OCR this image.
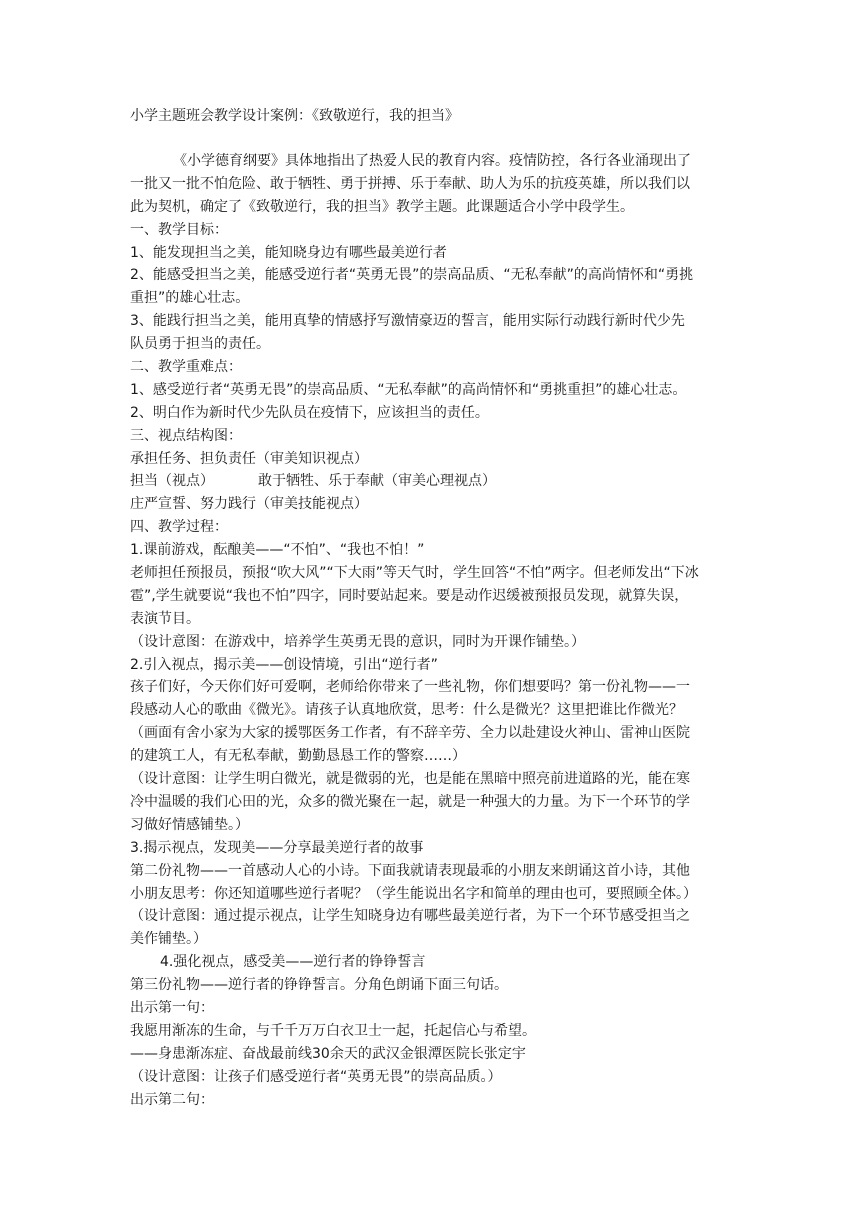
小学主题班会教学设计案例：《致敬逆行，我的担当》
《小学德育纲要》具体地指出了热爱人民的教育内容。疫情防控，各行各业涌现出了
一批又一批不怕危险、敢于牺牲、勇于拼搏、乐于奉献、助人为乐的抗疫英雄，所以我们以
此为契机，确定了《致敬逆行，我的担当》教学主题。此课题适合小学中段学生。
一、教学目标：
1、能发现担当之美，能知晓身边有哪些最美逆行者
2、能感受担当之美，能感受逆行者“英勇无畏”的崇高品质、“无私奉献”的高尚情怀和“勇挑
重担”的雄心壮志。
3、能践行担当之美，能用真挚的情感抒写激情豪迈的誓言，能用实际行动践行新时代少先
队员勇于担当的责任。
二、教学重难点：
1、感受逆行者“英勇无畏”的崇高品质、“无私奉献”的高尚情怀和“勇挑重担”的雄心壮志。
2、明白作为新时代少先队员在疫情下，应该担当的责任。
三、视点结构图：
承担任务、担负责任（审美知识视点）
担当（视点）	敢于牺牲、乐于奉献（审美心理视点）
庄严宣誓、努力践行（审美技能视点）
四、教学过程：
1.课前游戏，酝酿美——“不怕”、“我也不怕！”
老师担任预报员，预报“吹大风”“下大雨”等天气时，学生回答“不怕”两字。但老师发出“下冰
雹”,学生就要说“我也不怕”四字，同时要站起来。要是动作迟缓被预报员发现，就算失误，
表演节目。
（设计意图：在游戏中，培养学生英勇无畏的意识，同时为开课作铺垫。）
2.引入视点，揭示美——创设情境，引出“逆行者”
孩子们好，今天你们好可爱啊，老师给你带来了一些礼物，你们想要吗？第一份礼物——一
段感动人心的歌曲《微光》。请孩子认真地欣赏，思考：什么是微光？这里把谁比作微光？
（画面有舍小家为大家的援鄂医务工作者，有不辞辛劳、全力以赴建设火神山、雷神山医院
的建筑工人，有无私奉献，勤勤恳恳工作的警察……）
（设计意图：让学生明白微光，就是微弱的光，也是能在黑暗中照亮前进道路的光，能在寒
冷中温暖的我们心田的光，众多的微光聚在一起，就是一种强大的力量。为下一个环节的学
习做好情感铺垫。）
3.揭示视点，发现美——分享最美逆行者的故事
第二份礼物——一首感动人心的小诗。下面我就请表现最乖的小朋友来朗诵这首小诗，其他
小朋友思考：你还知道哪些逆行者呢？（学生能说出名字和简单的理由也可，要照顾全体。）
（设计意图：通过提示视点，让学生知晓身边有哪些最美逆行者，为下一个环节感受担当之
美作铺垫。）
4.强化视点，感受美——逆行者的铮铮誓言
第三份礼物——逆行者的铮铮誓言。分角色朗诵下面三句话。
出示第一句：
我愿用渐冻的生命，与千千万万白衣卫士一起，托起信心与希望。
——身患渐冻症、奋战最前线30余天的武汉金银潭医院长张定宇
（设计意图：让孩子们感受逆行者“英勇无畏”的崇高品质。）
出示第二句：
